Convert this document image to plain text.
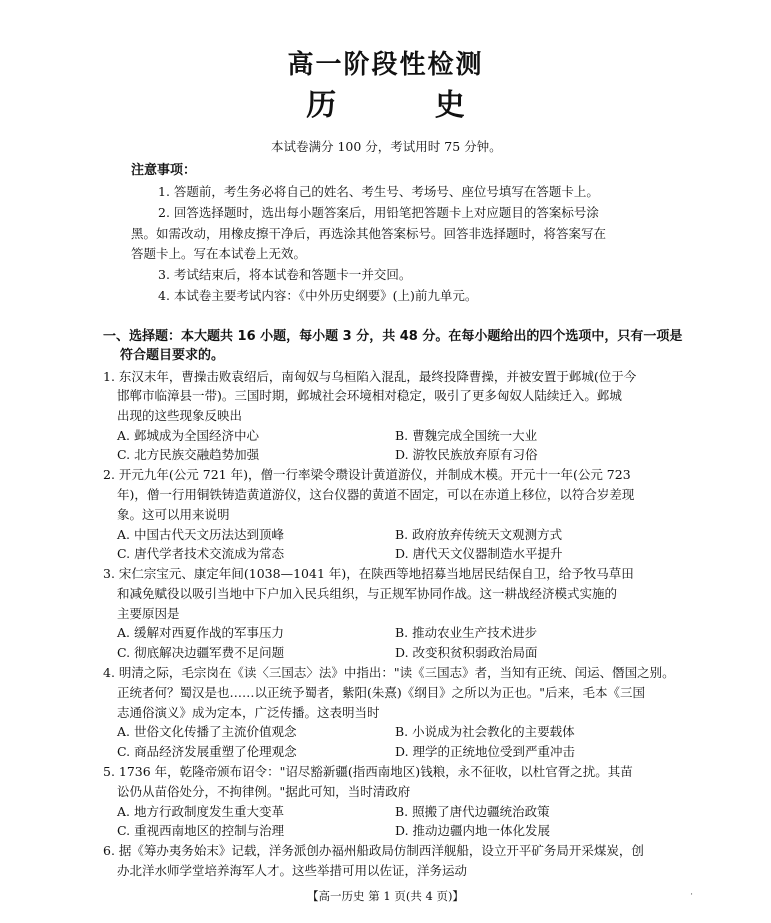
高一阶段性检测
历 史
本试卷满分 100 分，考试用时 75 分钟。
注意事项：
1. 答题前，考生务必将自己的姓名、考生号、考场号、座位号填写在答题卡上。
2. 回答选择题时，选出每小题答案后，用铅笔把答题卡上对应题目的答案标号涂
黑。如需改动，用橡皮擦干净后，再选涂其他答案标号。回答非选择题时，将答案写在
答题卡上。写在本试卷上无效。
3. 考试结束后，将本试卷和答题卡一并交回。
4. 本试卷主要考试内容：《中外历史纲要》(上)前九单元。
一、选择题：本大题共 16 小题，每小题 3 分，共 48 分。在每小题给出的四个选项中，只有一项是
符合题目要求的。
1. 东汉末年，曹操击败袁绍后，南匈奴与乌桓陷入混乱，最终投降曹操，并被安置于邺城(位于今
邯郸市临漳县一带)。三国时期，邺城社会环境相对稳定，吸引了更多匈奴人陆续迁入。邺城
出现的这些现象反映出
A. 邺城成为全国经济中心	B. 曹魏完成全国统一大业
C. 北方民族交融趋势加强	D. 游牧民族放弃原有习俗
2. 开元九年(公元 721 年)，僧一行率梁令瓒设计黄道游仪，并制成木模。开元十一年(公元 723
年)，僧一行用铜铁铸造黄道游仪，这台仪器的黄道不固定，可以在赤道上移位，以符合岁差现
象。这可以用来说明
A. 中国古代天文历法达到顶峰	B. 政府放弃传统天文观测方式
C. 唐代学者技术交流成为常态	D. 唐代天文仪器制造水平提升
3. 宋仁宗宝元、康定年间(1038—1041 年)，在陕西等地招募当地居民结保自卫，给予牧马草田
和减免赋役以吸引当地中下户加入民兵组织，与正规军协同作战。这一耕战经济模式实施的
主要原因是
A. 缓解对西夏作战的军事压力	B. 推动农业生产技术进步
C. 彻底解决边疆军费不足问题	D. 改变积贫积弱政治局面
4. 明清之际，毛宗岗在《读〈三国志〉法》中指出："读《三国志》者，当知有正统、闰运、僭国之别。
正统者何？蜀汉是也……以正统予蜀者，紫阳(朱熹)《纲目》之所以为正也。"后来，毛本《三国
志通俗演义》成为定本，广泛传播。这表明当时
A. 世俗文化传播了主流价值观念	B. 小说成为社会教化的主要载体
C. 商品经济发展重塑了伦理观念	D. 理学的正统地位受到严重冲击
5. 1736 年，乾隆帝颁布诏令："诏尽豁新疆(指西南地区)钱粮，永不征收，以杜官胥之扰。其苗
讼仍从苗俗处分，不拘律例。"据此可知，当时清政府
A. 地方行政制度发生重大变革	B. 照搬了唐代边疆统治政策
C. 重视西南地区的控制与治理	D. 推动边疆内地一体化发展
6. 据《筹办夷务始末》记载，洋务派创办福州船政局仿制西洋舰船，设立开平矿务局开采煤炭，创
办北洋水师学堂培养海军人才。这些举措可用以佐证，洋务运动
【高一历史 第 1 页(共 4 页)】	·
